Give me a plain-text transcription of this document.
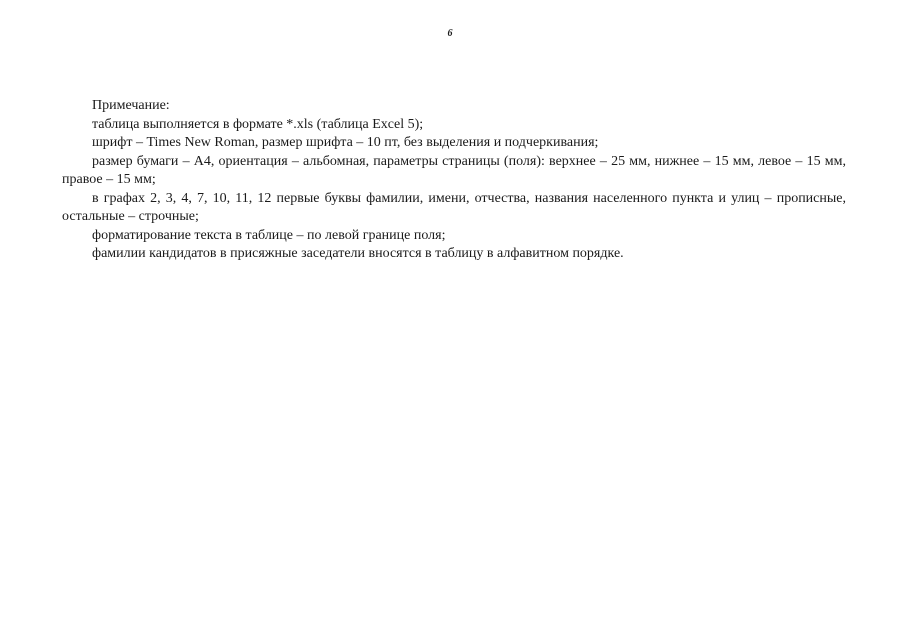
6

Примечание:

таблица выполняется в формате *.xls (таблица Excel 5);

шрифт – Times New Roman, размер шрифта – 10 пт, без выделения и подчеркивания;

размер бумаги – А4, ориентация – альбомная, параметры страницы (поля): верхнее – 25 мм, нижнее – 15 мм, левое – 15 мм, правое – 15 мм;

в графах 2, 3, 4, 7, 10, 11, 12 первые буквы фамилии, имени, отчества, названия населенного пункта и улиц – прописные, остальные – строчные;

форматирование текста в таблице – по левой границе поля;

фамилии кандидатов в присяжные заседатели вносятся в таблицу в алфавитном порядке.
